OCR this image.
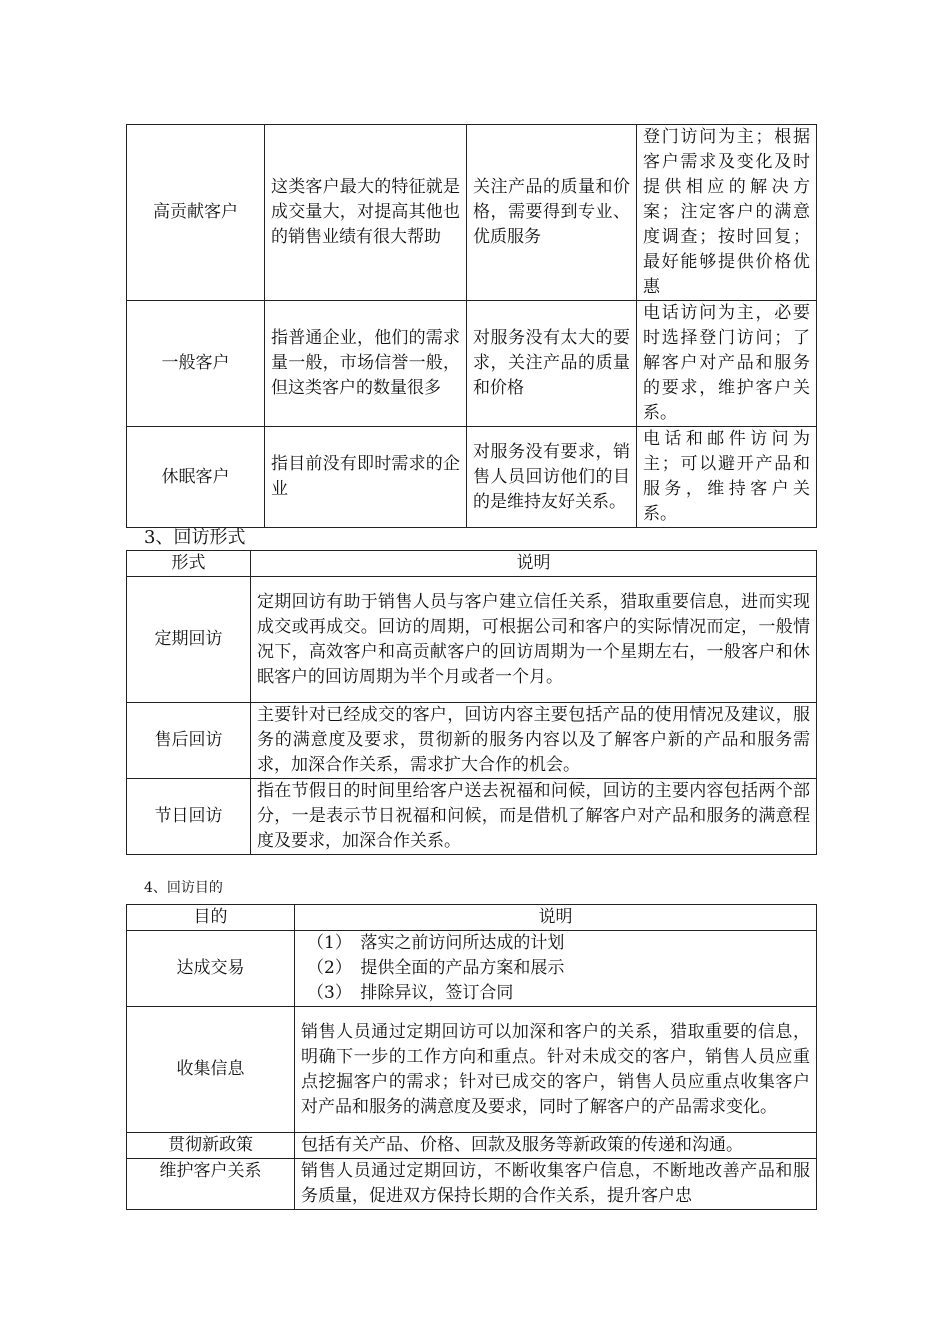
高贡献客户	这类客户最大的特征就是成交量大，对提高其他也的销售业绩有很大帮助	关注产品的质量和价格，需要得到专业、优质服务	登门访问为主；根据客户需求及变化及时提供相应的解决方案；注定客户的满意度调查；按时回复；最好能够提供价格优惠
一般客户	指普通企业，他们的需求量一般，市场信誉一般，但这类客户的数量很多	对服务没有太大的要求，关注产品的质量和价格	电话访问为主，必要时选择登门访问；了解客户对产品和服务的要求，维护客户关系。
休眠客户	指目前没有即时需求的企业	对服务没有要求，销售人员回访他们的目的是维持友好关系。	电话和邮件访问为主；可以避开产品和服务，维持客户关系。
3、回访形式
形式	说明
定期回访	定期回访有助于销售人员与客户建立信任关系，猎取重要信息，进而实现成交或再成交。回访的周期，可根据公司和客户的实际情况而定，一般情况下，高效客户和高贡献客户的回访周期为一个星期左右，一般客户和休眠客户的回访周期为半个月或者一个月。
售后回访	主要针对已经成交的客户，回访内容主要包括产品的使用情况及建议，服务的满意度及要求，贯彻新的服务内容以及了解客户新的产品和服务需求，加深合作关系，需求扩大合作的机会。
节日回访	指在节假日的时间里给客户送去祝福和问候，回访的主要内容包括两个部分，一是表示节日祝福和问候，而是借机了解客户对产品和服务的满意程度及要求，加深合作关系。
4、回访目的
目的	说明
达成交易	（1）　落实之前访问所达成的计划
（2）　提供全面的产品方案和展示
（3）　排除异议，签订合同

收集信息	销售人员通过定期回访可以加深和客户的关系，猎取重要的信息，明确下一步的工作方向和重点。针对未成交的客户，销售人员应重点挖掘客户的需求；针对已成交的客户，销售人员应重点收集客户对产品和服务的满意度及要求，同时了解客户的产品需求变化。
贯彻新政策	包括有关产品、价格、回款及服务等新政策的传递和沟通。
维护客户关系	销售人员通过定期回访，不断收集客户信息，不断地改善产品和服务质量，促进双方保持长期的合作关系，提升客户忠
